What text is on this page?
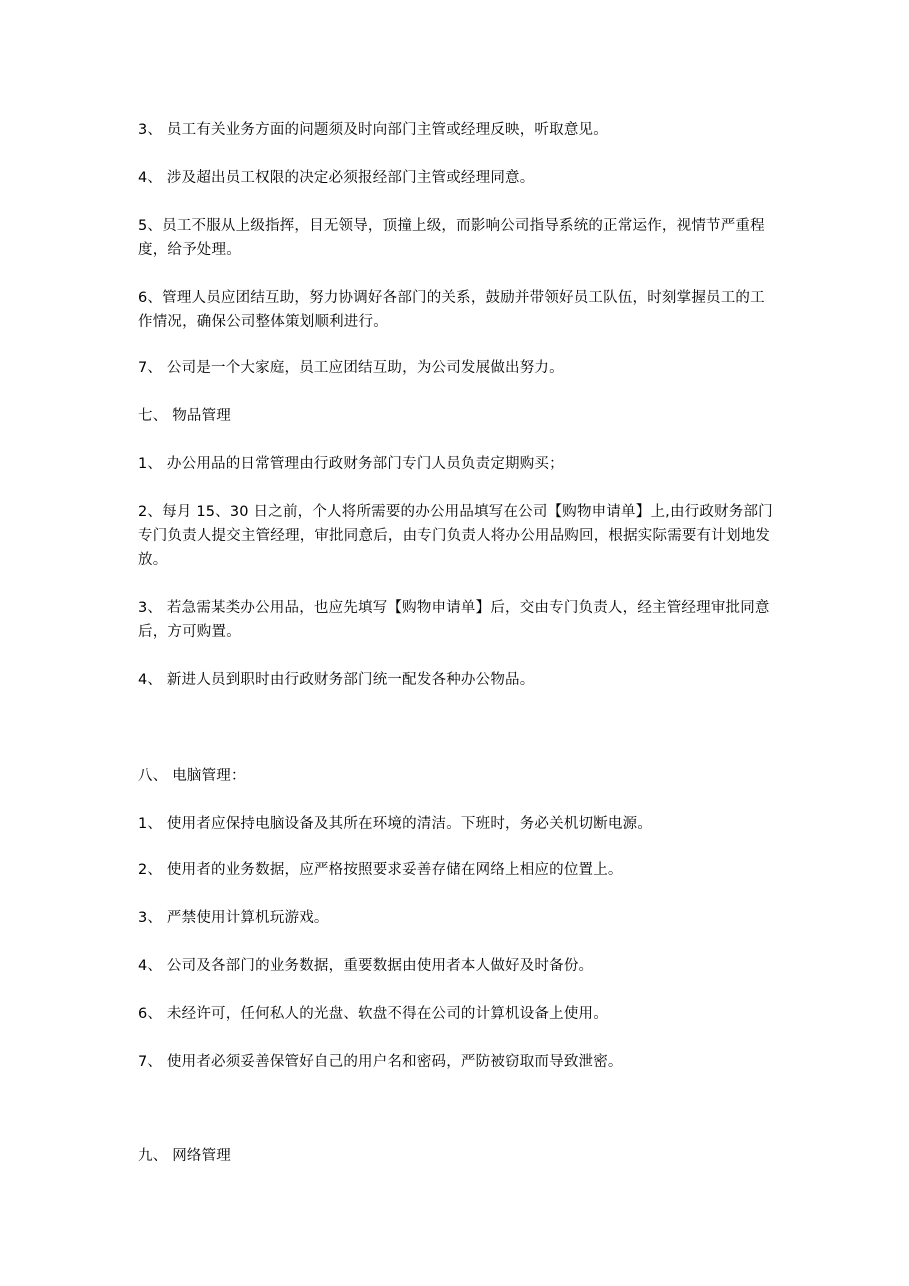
3、 员工有关业务方面的问题须及时向部门主管或经理反映，听取意见。

4、 涉及超出员工权限的决定必须报经部门主管或经理同意。

5、员工不服从上级指挥，目无领导，顶撞上级，而影响公司指导系统的正常运作，视情节严重程度，给予处理。

6、管理人员应团结互助，努力协调好各部门的关系，鼓励并带领好员工队伍，时刻掌握员工的工作情况，确保公司整体策划顺利进行。

7、 公司是一个大家庭，员工应团结互助，为公司发展做出努力。

七、 物品管理

1、 办公用品的日常管理由行政财务部门专门人员负责定期购买；

2、每月 15、30 日之前，个人将所需要的办公用品填写在公司【购物申请单】上,由行政财务部门专门负责人提交主管经理，审批同意后，由专门负责人将办公用品购回，根据实际需要有计划地发放。

3、 若急需某类办公用品，也应先填写【购物申请单】后，交由专门负责人，经主管经理审批同意后，方可购置。

4、 新进人员到职时由行政财务部门统一配发各种办公物品。

八、 电脑管理：

1、 使用者应保持电脑设备及其所在环境的清洁。下班时，务必关机切断电源。

2、 使用者的业务数据，应严格按照要求妥善存储在网络上相应的位置上。

3、 严禁使用计算机玩游戏。

4、 公司及各部门的业务数据，重要数据由使用者本人做好及时备份。

6、 未经许可，任何私人的光盘、软盘不得在公司的计算机设备上使用。

7、 使用者必须妥善保管好自己的用户名和密码，严防被窃取而导致泄密。

九、 网络管理
